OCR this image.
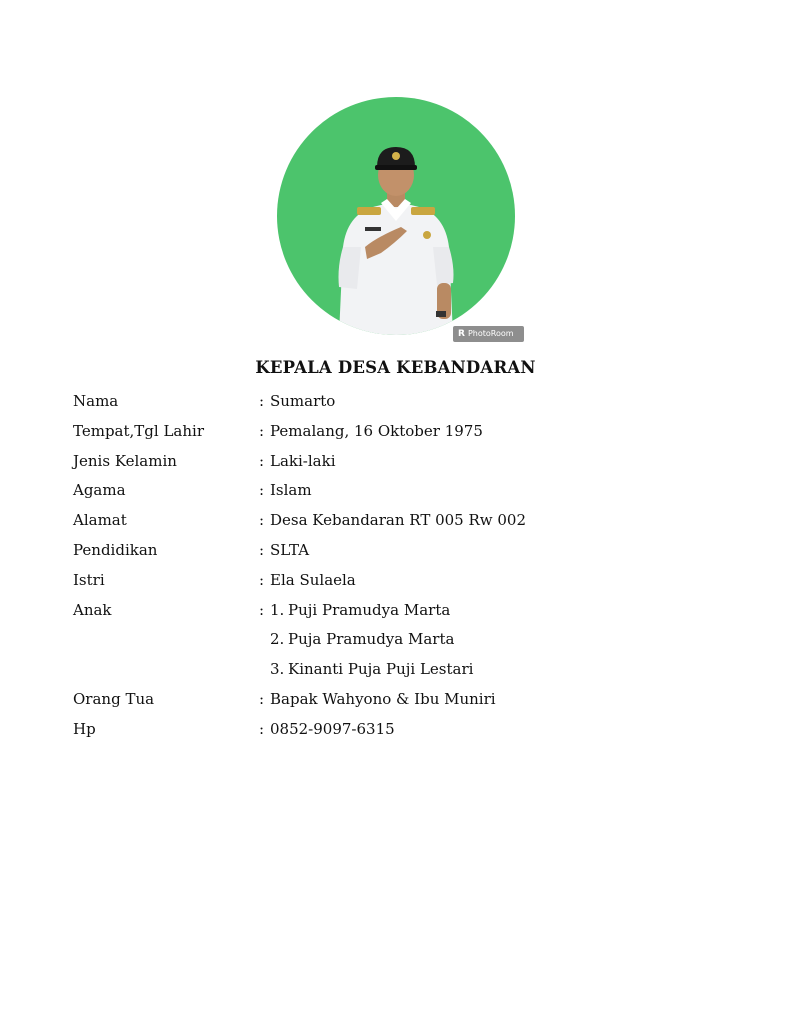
R PhotoRoom
KEPALA DESA KEBANDARAN
Nama	: Sumarto
Tempat,Tgl Lahir	: Pemalang, 16 Oktober 1975
Jenis Kelamin	: Laki-laki
Agama	: Islam
Alamat	: Desa Kebandaran RT 005 Rw 002
Pendidikan	: SLTA
Istri	: Ela Sulaela
Anak	: 1. Puji Pramudya Marta
2. Puja Pramudya Marta
3. Kinanti Puja Puji Lestari
Orang Tua	: Bapak Wahyono & Ibu Muniri
Hp	: 0852-9097-6315
